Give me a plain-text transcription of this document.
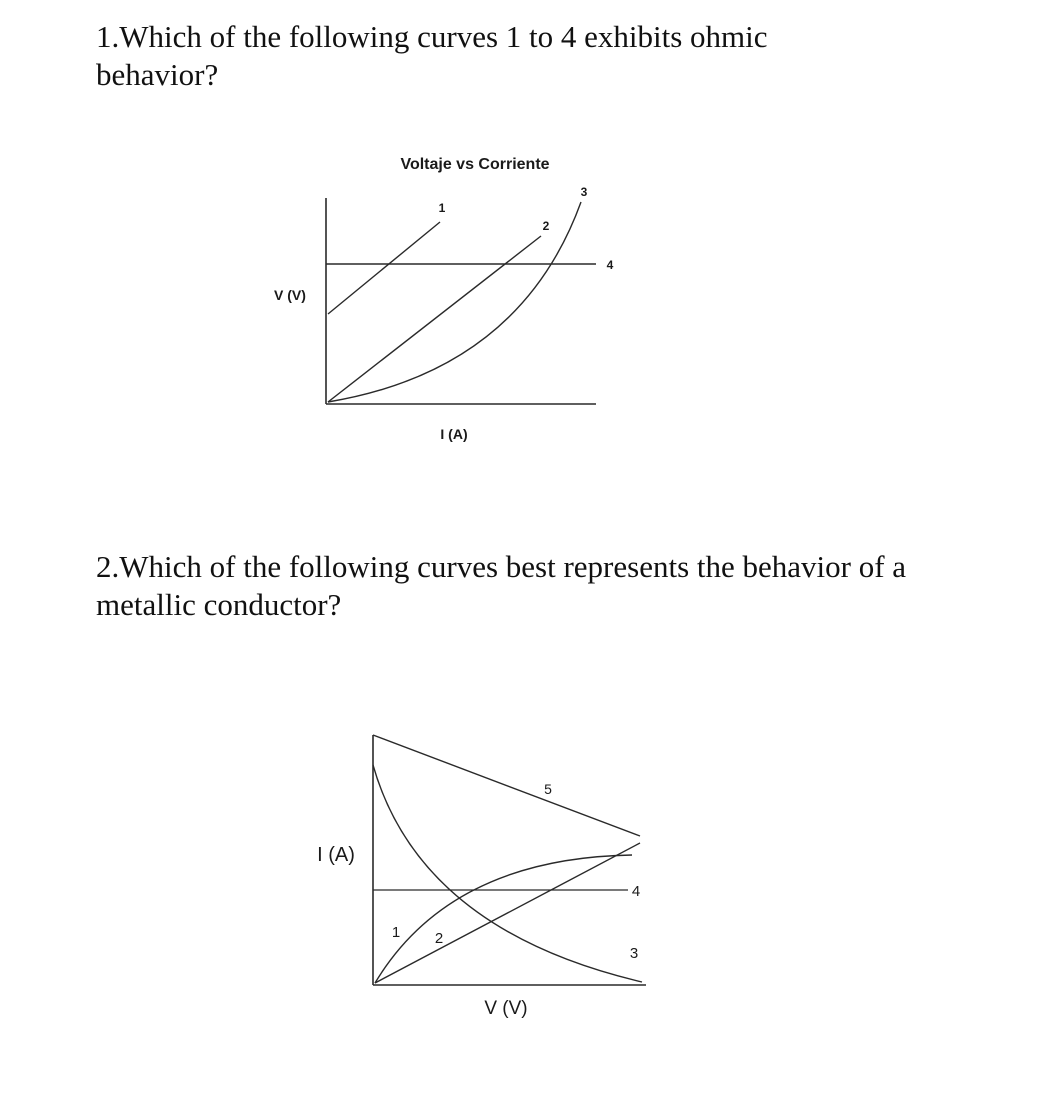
1.Which of the following curves 1 to 4 exhibits ohmic behavior?

2.Which of the following curves best represents the behavior of a metallic conductor?

Voltaje vs Corriente
1
2
3
4
V (V)
I (A)
1 2
3
4
5
I (A)
V (V)
